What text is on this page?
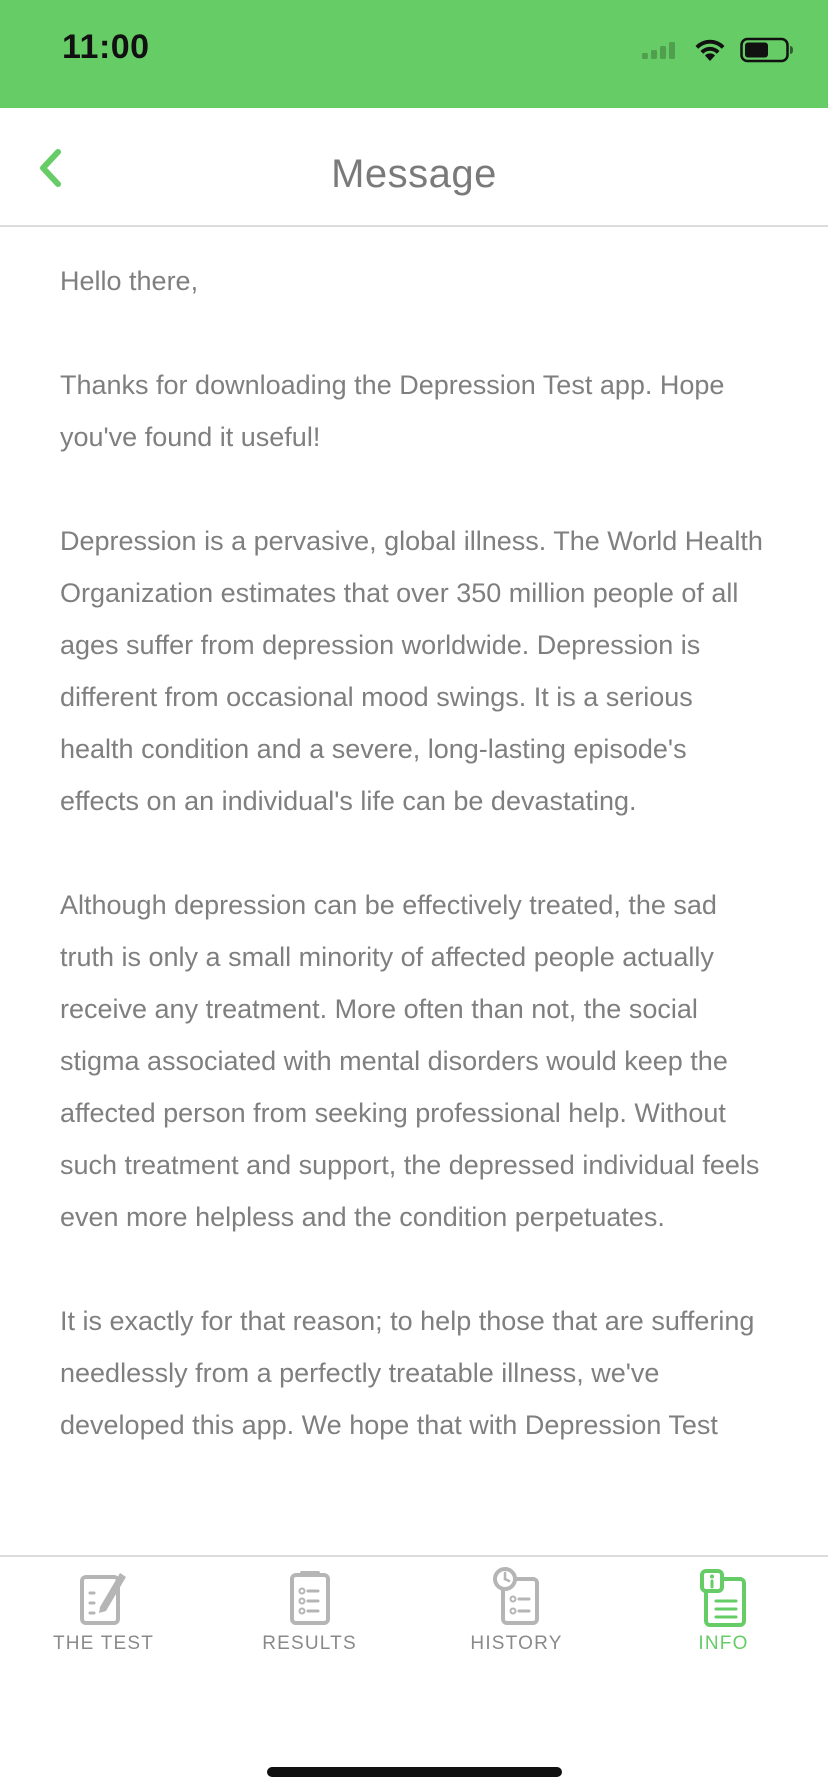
11:00
Message

Hello there,

Thanks for downloading the Depression Test app. Hope you've found it useful!

Depression is a pervasive, global illness. The World Health Organization estimates that over 350 million people of all ages suffer from depression worldwide. Depression is different from occasional mood swings. It is a serious health condition and a severe, long-lasting episode's effects on an individual's life can be devastating.

Although depression can be effectively treated, the sad truth is only a small minority of affected people actually receive any treatment. More often than not, the social stigma associated with mental disorders would keep the affected person from seeking professional help. Without such treatment and support, the depressed individual feels even more helpless and the condition perpetuates.

It is exactly for that reason; to help those that are suffering needlessly from a perfectly treatable illness, we've developed this app. We hope that with Depression Test

THE TEST	RESULTS	HISTORY	INFO
